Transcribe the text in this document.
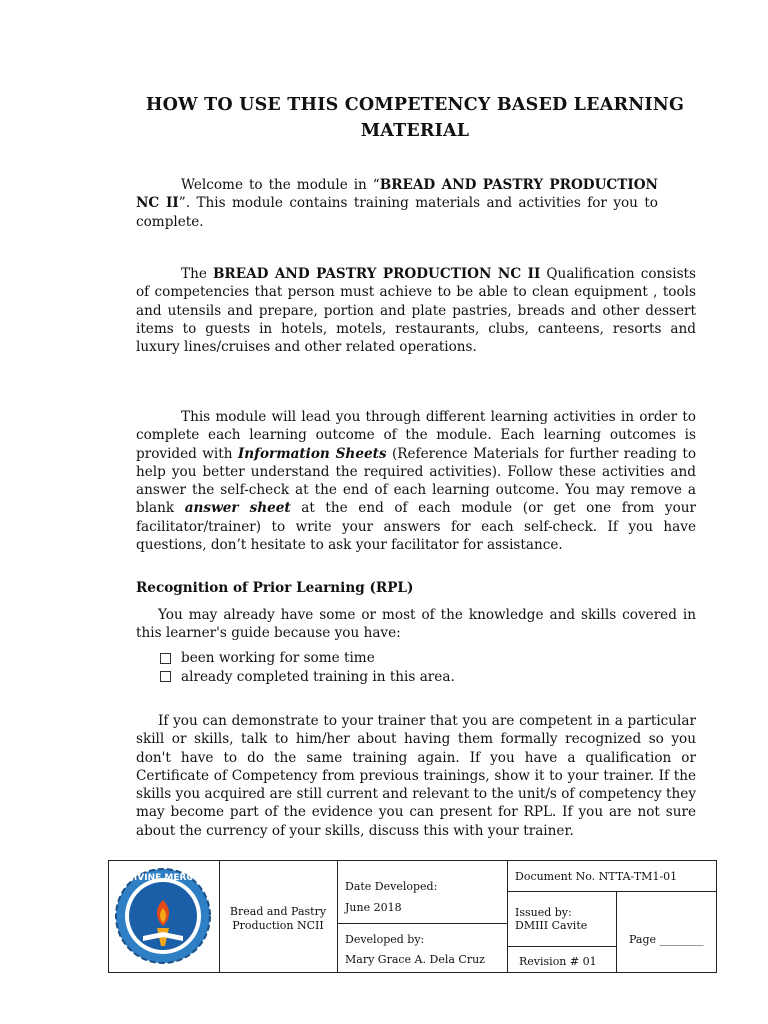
HOW TO USE THIS COMPETENCY BASED LEARNING
MATERIAL
Welcome to the module in “BREAD AND PASTRY PRODUCTION NC II”. This module contains training materials and activities for you to complete.
The BREAD AND PASTRY PRODUCTION NC II Qualification consists of competencies that person must achieve to be able to clean equipment , tools and utensils and prepare, portion and plate pastries, breads and other dessert items to guests in hotels, motels, restaurants, clubs, canteens, resorts and luxury lines/cruises and other related operations.
This module will lead you through different learning activities in order to complete each learning outcome of the module. Each learning outcomes is provided with Information Sheets (Reference Materials for further reading to help you better understand the required activities). Follow these activities and answer the self-check at the end of each learning outcome. You may remove a blank answer sheet at the end of each module (or get one from your facilitator/trainer) to write your answers for each self-check. If you have questions, don’t hesitate to ask your facilitator for assistance.
Recognition of Prior Learning (RPL)
You may already have some or most of the knowledge and skills covered in this learner's guide because you have:
been working for some time
already completed training in this area.
If you can demonstrate to your trainer that you are competent in a particular skill or skills, talk to him/her about having them formally recognized so you don't have to do the same training again. If you have a qualification or Certificate of Competency from previous trainings, show it to your trainer. If the skills you acquired are still current and relevant to the unit/s of competency they may become part of the evidence you can present for RPL. If you are not sure about the currency of your skills, discuss this with your trainer.
Bread and Pastry
Production NCII
Date Developed:
June 2018
Developed by:
Mary Grace A. Dela Cruz
Document No. NTTA-TM1-01
Issued by:
DMIII Cavite
Revision # 01
Page ________
DIVINE MERCY
